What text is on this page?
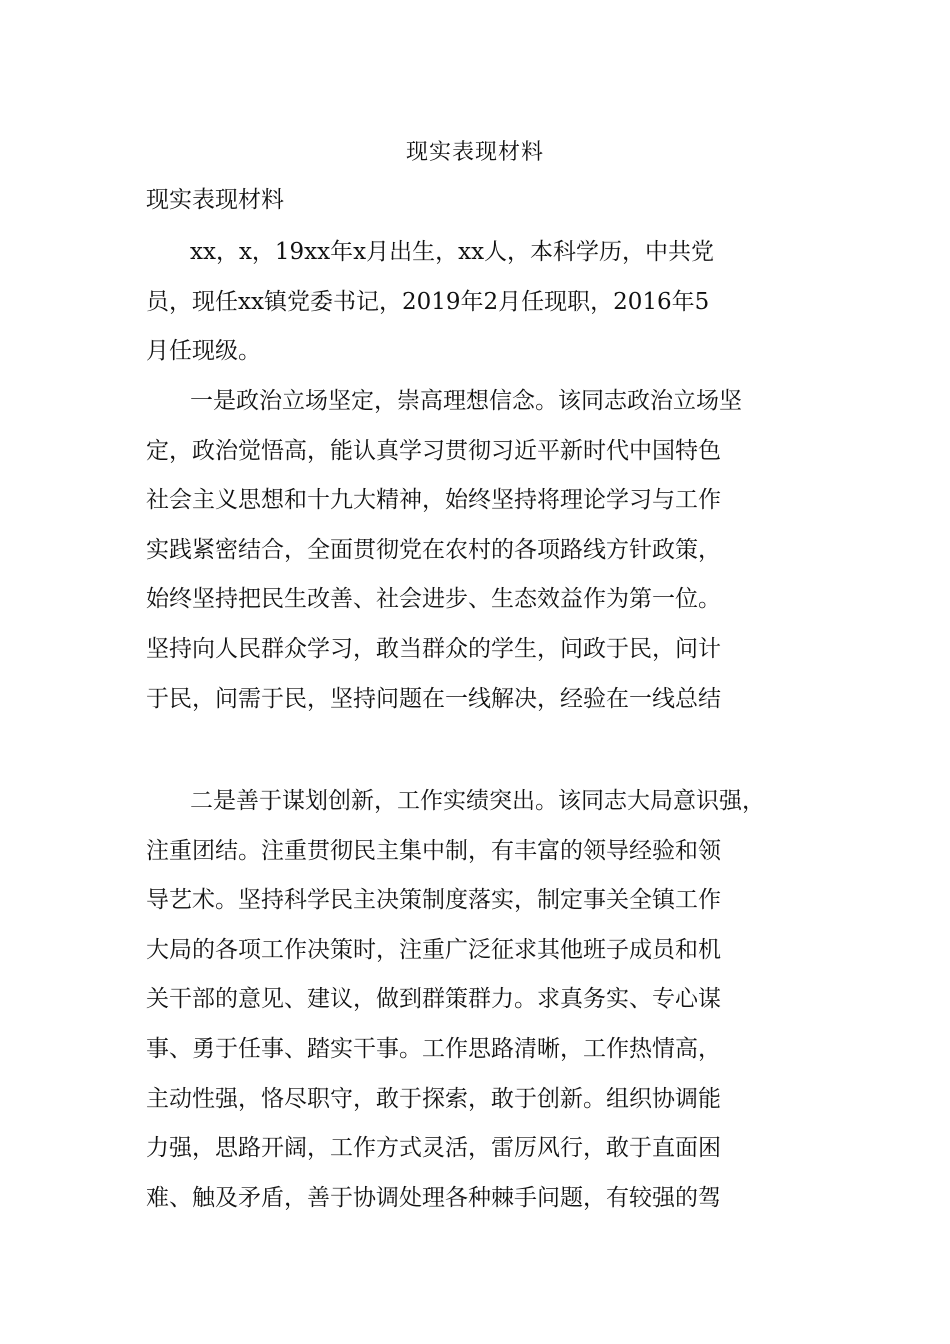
现实表现材料
现实表现材料
xx，x，19xx年x月出生，xx人，本科学历，中共党
员，现任xx镇党委书记，2019年2月任现职，2016年5
月任现级。
一是政治立场坚定，崇高理想信念。该同志政治立场坚
定，政治觉悟高，能认真学习贯彻习近平新时代中国特色
社会主义思想和十九大精神，始终坚持将理论学习与工作
实践紧密结合，全面贯彻党在农村的各项路线方针政策，
始终坚持把民生改善、社会进步、生态效益作为第一位。
坚持向人民群众学习，敢当群众的学生，问政于民，问计
于民，问需于民，坚持问题在一线解决，经验在一线总结
二是善于谋划创新，工作实绩突出。该同志大局意识强，
注重团结。注重贯彻民主集中制，有丰富的领导经验和领
导艺术。坚持科学民主决策制度落实，制定事关全镇工作
大局的各项工作决策时，注重广泛征求其他班子成员和机
关干部的意见、建议，做到群策群力。求真务实、专心谋
事、勇于任事、踏实干事。工作思路清晰，工作热情高，
主动性强，恪尽职守，敢于探索，敢于创新。组织协调能
力强，思路开阔，工作方式灵活，雷厉风行，敢于直面困
难、触及矛盾，善于协调处理各种棘手问题，有较强的驾
